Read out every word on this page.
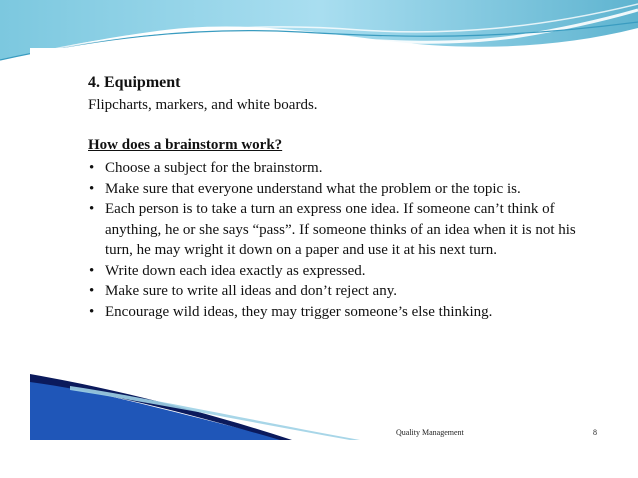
4. Equipment

Flipcharts, markers, and white boards.

How does a brainstorm work?
• Choose a subject for the brainstorm.
• Make sure that everyone understand what the problem or the topic is.
• Each person is to take a turn an express one idea. If someone can’t think of anything, he or she says “pass”. If someone thinks of an idea when it is not his turn, he may wright it down on a paper and use it at his next turn.
• Write down each idea exactly as expressed.
• Make sure to write all ideas and don’t reject any.
• Encourage wild ideas, they may trigger someone’s else thinking.
Quality Management	8
